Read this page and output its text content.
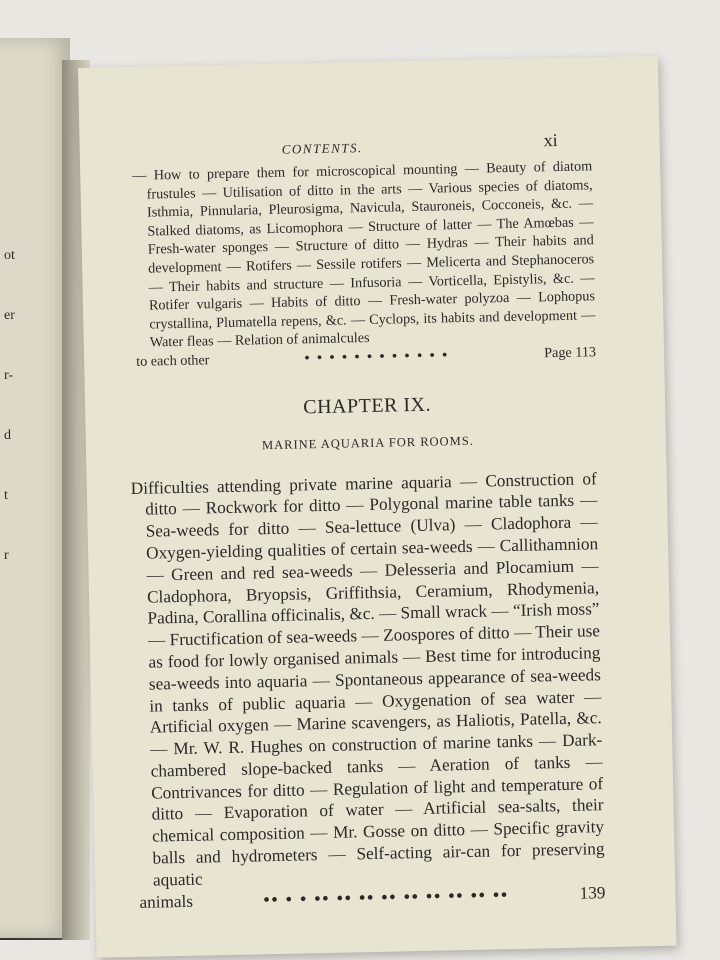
ot

er

r-

d

t

r

CONTENTS.	xi
— How to prepare them for microscopical mounting — Beauty of diatom frustules — Utilisation of ditto in the arts — Various species of diatoms, Isthmia, Pinnularia, Pleurosigma, Navicula, Stauroneis, Cocconeis, &c. — Stalked diatoms, as Licomophora — Structure of latter — The Amœbas — Fresh-water sponges — Structure of ditto — Hydras — Their habits and development — Rotifers — Sessile rotifers — Melicerta and Stephanoceros — Their habits and structure — Infusoria — Vorticella, Epistylis, &c. — Rotifer vulgaris — Habits of ditto — Fresh-water polyzoa — Lophopus crystallina, Plumatella repens, &c. — Cyclops, its habits and development — Water fleas — Relation of animalcules
to each other	• • • • • • • • • • • •	Page 113
CHAPTER IX.
MARINE AQUARIA FOR ROOMS.
Difficulties attending private marine aquaria — Construction of ditto — Rockwork for ditto — Polygonal marine table tanks — Sea-weeds for ditto — Sea-lettuce (Ulva) — Cladophora — Oxygen-yielding qualities of certain sea-weeds — Callithamnion — Green and red sea-weeds — Delesseria and Plocamium — Cladophora, Bryopsis, Griffithsia, Ceramium, Rhodymenia, Padina, Corallina officinalis, &c. — Small wrack — “Irish moss” — Fructification of sea-weeds — Zoospores of ditto — Their use as food for lowly organised animals — Best time for introducing sea-weeds into aquaria — Spontaneous appearance of sea-weeds in tanks of public aquaria — Oxygenation of sea water — Artificial oxygen — Marine scavengers, as Haliotis, Patella, &c. — Mr. W. R. Hughes on construction of marine tanks — Dark-chambered slope-backed tanks — Aeration of tanks — Contrivances for ditto — Regulation of light and temperature of ditto — Evaporation of water — Artificial sea-salts, their chemical composition — Mr. Gosse on ditto — Specific gravity balls and hydrometers — Self-acting air-can for preserving aquatic
animals	•• • • •• •• •• •• •• •• •• •• ••	139
